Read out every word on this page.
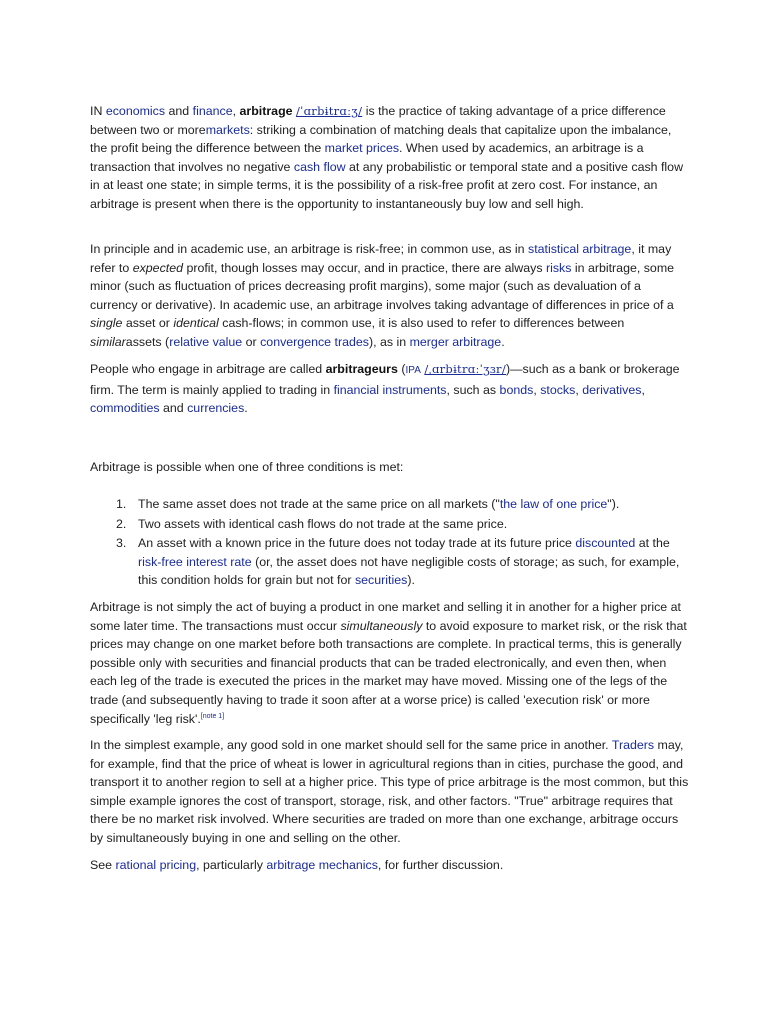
IN economics and finance, arbitrage /ˈɑrbɨtrɑːʒ/ is the practice of taking advantage of a price difference between two or moremarkets: striking a combination of matching deals that capitalize upon the imbalance, the profit being the difference between the market prices. When used by academics, an arbitrage is a transaction that involves no negative cash flow at any probabilistic or temporal state and a positive cash flow in at least one state; in simple terms, it is the possibility of a risk-free profit at zero cost. For instance, an arbitrage is present when there is the opportunity to instantaneously buy low and sell high.

In principle and in academic use, an arbitrage is risk-free; in common use, as in statistical arbitrage, it may refer to expected profit, though losses may occur, and in practice, there are always risks in arbitrage, some minor (such as fluctuation of prices decreasing profit margins), some major (such as devaluation of a currency or derivative). In academic use, an arbitrage involves taking advantage of differences in price of a single asset or identical cash-flows; in common use, it is also used to refer to differences between similarassets (relative value or convergence trades), as in merger arbitrage.

People who engage in arbitrage are called arbitrageurs (IPA /ˌɑrbɨtrɑːˈʒɜr/)—such as a bank or brokerage firm. The term is mainly applied to trading in financial instruments, such as bonds, stocks, derivatives, commodities and currencies.

Arbitrage is possible when one of three conditions is met:

1. The same asset does not trade at the same price on all markets ("the law of one price").
2. Two assets with identical cash flows do not trade at the same price.
3. An asset with a known price in the future does not today trade at its future price discounted at the risk-free interest rate (or, the asset does not have negligible costs of storage; as such, for example, this condition holds for grain but not for securities).

Arbitrage is not simply the act of buying a product in one market and selling it in another for a higher price at some later time. The transactions must occur simultaneously to avoid exposure to market risk, or the risk that prices may change on one market before both transactions are complete. In practical terms, this is generally possible only with securities and financial products that can be traded electronically, and even then, when each leg of the trade is executed the prices in the market may have moved. Missing one of the legs of the trade (and subsequently having to trade it soon after at a worse price) is called 'execution risk' or more specifically 'leg risk'.[note 1]

In the simplest example, any good sold in one market should sell for the same price in another. Traders may, for example, find that the price of wheat is lower in agricultural regions than in cities, purchase the good, and transport it to another region to sell at a higher price. This type of price arbitrage is the most common, but this simple example ignores the cost of transport, storage, risk, and other factors. "True" arbitrage requires that there be no market risk involved. Where securities are traded on more than one exchange, arbitrage occurs by simultaneously buying in one and selling on the other.

See rational pricing, particularly arbitrage mechanics, for further discussion.
